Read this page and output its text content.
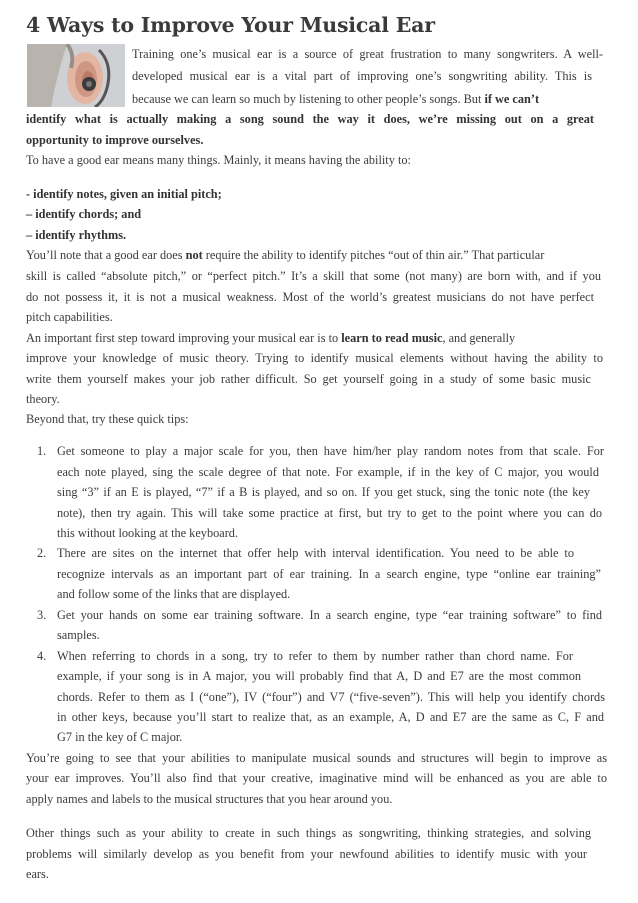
4 Ways to Improve Your Musical Ear
Training one’s musical ear is a source of great frustration to many songwriters. A well-
developed musical ear is a vital part of improving one’s songwriting ability. This is
because we can learn so much by listening to other people’s songs. But if we can’t
identify what is actually making a song sound the way it does, we’re missing out on a great
opportunity to improve ourselves.
To have a good ear means many things. Mainly, it means having the ability to:
- identify notes, given an initial pitch;
– identify chords; and
– identify rhythms.
You’ll note that a good ear does not require the ability to identify pitches “out of thin air.” That particular
skill is called “absolute pitch,” or “perfect pitch.” It’s a skill that some (not many) are born with, and if you
do not possess it, it is not a musical weakness. Most of the world’s greatest musicians do not have perfect
pitch capabilities.
An important first step toward improving your musical ear is to learn to read music, and generally
improve your knowledge of music theory. Trying to identify musical elements without having the ability to
write them yourself makes your job rather difficult. So get yourself going in a study of some basic music
theory.
Beyond that, try these quick tips:
1. Get someone to play a major scale for you, then have him/her play random notes from that scale. For
each note played, sing the scale degree of that note. For example, if in the key of C major, you would
sing “3” if an E is played, “7” if a B is played, and so on. If you get stuck, sing the tonic note (the key
note), then try again. This will take some practice at first, but try to get to the point where you can do
this without looking at the keyboard.
2. There are sites on the internet that offer help with interval identification. You need to be able to
recognize intervals as an important part of ear training. In a search engine, type “online ear training”
and follow some of the links that are displayed.
3. Get your hands on some ear training software. In a search engine, type “ear training software” to find
samples.
4. When referring to chords in a song, try to refer to them by number rather than chord name. For
example, if your song is in A major, you will probably find that A, D and E7 are the most common
chords. Refer to them as I (“one”), IV (“four”) and V7 (“five-seven”). This will help you identify chords
in other keys, because you’ll start to realize that, as an example, A, D and E7 are the same as C, F and
G7 in the key of C major.
You’re going to see that your abilities to manipulate musical sounds and structures will begin to improve as
your ear improves. You’ll also find that your creative, imaginative mind will be enhanced as you are able to
apply names and labels to the musical structures that you hear around you.
Other things such as your ability to create in such things as songwriting, thinking strategies, and solving
problems will similarly develop as you benefit from your newfound abilities to identify music with your
ears.
